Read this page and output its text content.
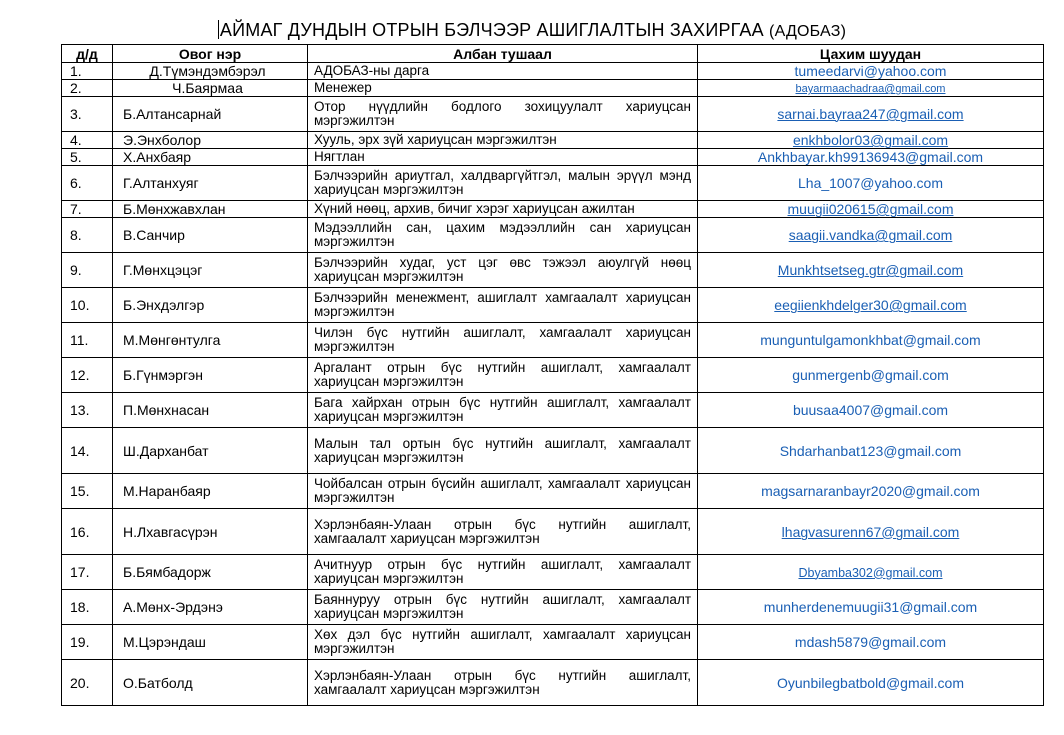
АЙМАГ ДУНДЫН ОТРЫН БЭЛЧЭЭР АШИГЛАЛТЫН ЗАХИРГАА (АДОБАЗ)
д/д	Овог нэр	Албан тушаал	Цахим шуудан
1.	Д.Түмэндэмбэрэл	АДОБАЗ-ны дарга	tumeedarvi@yahoo.com
2.	Ч.Баярмаа	Менежер	bayarmaachadraa@gmail.com
3.	Б.Алтансарнай	Отор нүүдлийн бодлого зохицуулалт хариуцсан мэргэжилтэн	sarnai.bayraa247@gmail.com
4.	Э.Энхболор	Хууль, эрх зүй хариуцсан мэргэжилтэн	enkhbolor03@gmail.com
5.	Х.Анхбаяр	Нягтлан	Ankhbayar.kh99136943@gmail.com
6.	Г.Алтанхуяг	Бэлчээрийн ариутгал, халдваргүйтгэл, малын эрүүл мэнд хариуцсан мэргэжилтэн	Lha_1007@yahoo.com
7.	Б.Мөнхжавхлан	Хүний нөөц, архив, бичиг хэрэг хариуцсан ажилтан	muugii020615@gmail.com
8.	В.Санчир	Мэдээллийн сан, цахим мэдээллийн сан хариуцсан мэргэжилтэн	saagii.vandka@gmail.com
9.	Г.Мөнхцэцэг	Бэлчээрийн худаг, уст цэг өвс тэжээл аюулгүй нөөц хариуцсан мэргэжилтэн	Munkhtsetseg.gtr@gmail.com
10.	Б.Энхдэлгэр	Бэлчээрийн менежмент, ашиглалт хамгаалалт хариуцсан мэргэжилтэн	eegiienkhdelger30@gmail.com
11.	М.Мөнгөнтулга	Чилэн бүс нутгийн ашиглалт, хамгаалалт хариуцсан мэргэжилтэн	munguntulgamonkhbat@gmail.com
12.	Б.Гүнмэргэн	Аргалант отрын бүс нутгийн ашиглалт, хамгаалалт хариуцсан мэргэжилтэн	gunmergenb@gmail.com
13.	П.Мөнхнасан	Бага хайрхан отрын бүс нутгийн ашиглалт, хамгаалалт хариуцсан мэргэжилтэн	buusaa4007@gmail.com
14.	Ш.Дарханбат	Малын тал ортын бүс нутгийн ашиглалт, хамгаалалт хариуцсан мэргэжилтэн	Shdarhanbat123@gmail.com
15.	М.Наранбаяр	Чойбалсан отрын бүсийн ашиглалт, хамгаалалт хариуцсан мэргэжилтэн	magsarnaranbayr2020@gmail.com
16.	Н.Лхавгасүрэн	Хэрлэнбаян-Улаан отрын бүс нутгийн ашиглалт, хамгаалалт хариуцсан мэргэжилтэн	lhagvasurenn67@gmail.com
17.	Б.Бямбадорж	Ачитнуур отрын бүс нутгийн ашиглалт, хамгаалалт хариуцсан мэргэжилтэн	Dbyamba302@gmail.com
18.	А.Мөнх-Эрдэнэ	Баяннуруу отрын бүс нутгийн ашиглалт, хамгаалалт хариуцсан мэргэжилтэн	munherdenemuugii31@gmail.com
19.	М.Цэрэндаш	Хөх дэл бүс нутгийн ашиглалт, хамгаалалт хариуцсан мэргэжилтэн	mdash5879@gmail.com
20.	О.Батболд	Хэрлэнбаян-Улаан отрын бүс нутгийн ашиглалт, хамгаалалт хариуцсан мэргэжилтэн	Oyunbilegbatbold@gmail.com
